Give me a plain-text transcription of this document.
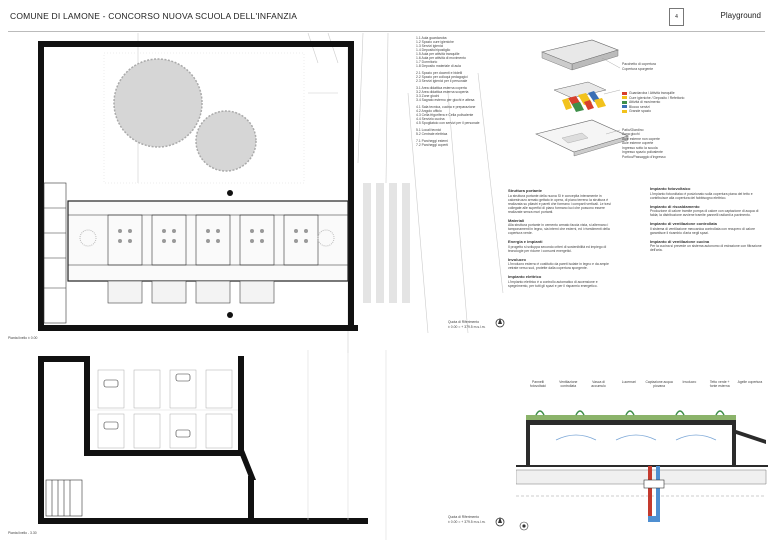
COMUNE DI LAMONE - CONCORSO NUOVA SCUOLA DELL'INFANZIA	Playground
4
Pianta livello ± 0.00
Quota di Riferimento
± 0.00 = + 379.5 m.s.l.m.
1.1 Aula guardaroba
1.2 Spazio cure igieniche
1.3 Servizi igienici
1.4 Deposito/ripostiglio
1.5 Aula per attività tranquille
1.6 Aula per attività di movimento
1.7 Dormitorio
1.8 Deposito materiale di aula
2.1 Spazio per docenti e bidelli
2.2 Spazio per colloqui pedagogici
2.3 Servizi igienici per il personale
3.1 Area didattica esterna coperta
3.2 Area didattica esterna scoperta
3.3 Zone giochi
3.4 Sagrato esterno per giochi e attesa
4.1 Sala tecnica, cucina e preparazione
4.2 Angolo ufficio
4.3 Cella frigorifera e Cella polivalente
4.4 Servizio cucina
4.5 Spogliatoio con servizi per il personale
5.1 Locali tecnici
5.2 Centrale elettrica
7.1 Parcheggi esterni
7.2 Parcheggi coperti
Struttura portante
La struttura portante della nuova SI è concepita interamente in calcestruzzo armato gettato in opera, di piano terreno la struttura è realizzata su pilastri e pareti che formano i comparti verticali. Le travi collegate alle superfici di piano formano luci che possono essere realizzate senza muri portanti.
Materiali
Alla struttura portante in cemento armato faccia vista, si alternano i tamponamenti in legno, sia interni che esterni, ed i rivestimenti della copertura verde.
Energia e impianti
Il progetto si sviluppa secondo criteri di sostenibilità ed impiego di tecnologie per ridurre i consumi energetici.
Involucro
L'involucro esterno è costituito da pareti isolate in legno e da ampie vetrate verso sud, protette dalla copertura sporgente.
Impianto elettrico
L'impianto elettrico è a controllo automatico di accensione e spegnimento, per tutti gli spazi e per il risparmio energetico.
Impianto fotovoltaico
L'impianto fotovoltaico è posizionato sulla copertura piana del tetto e contribuisce alla copertura del fabbisogno elettrico.
Impianto di riscaldamento
Produzione di calore tramite pompa di calore con captazione di acqua di falda; la distribuzione avviene tramite pannelli radianti a pavimento.
Impianto di ventilazione controllata
Il sistema di ventilazione meccanica controllata con recupero di calore garantisce il ricambio d'aria negli spazi.
Impianto di ventilazione cucina
Per la cucina si prevede un sistema autonomo di estrazione con filtrazione dell'aria.
Pacchetto di copertura
Copertura sporgente
Guardaroba / Attività tranquille
Cure igieniche / Deposito / Refettorio
Attività di movimento
Blocco servizi
Grande spazio
Patio/Giardino
Zona giochi
Aule esterne non coperte
Aule esterne coperte
Ingresso sotto la scuola
Ingresso spazio polivalente
Portico/Passaggio d'ingresso
Pianta livello - 3.30
Quota di Riferimento
± 0.00 = + 379.5 m.s.l.m.
Pannelli fotovoltaici
Ventilazione controllata
Vasca di accumulo
Lucernari	Captazione acqua piovana
Involucro	Tetto verde + fonte esterna
Agelle copertura
